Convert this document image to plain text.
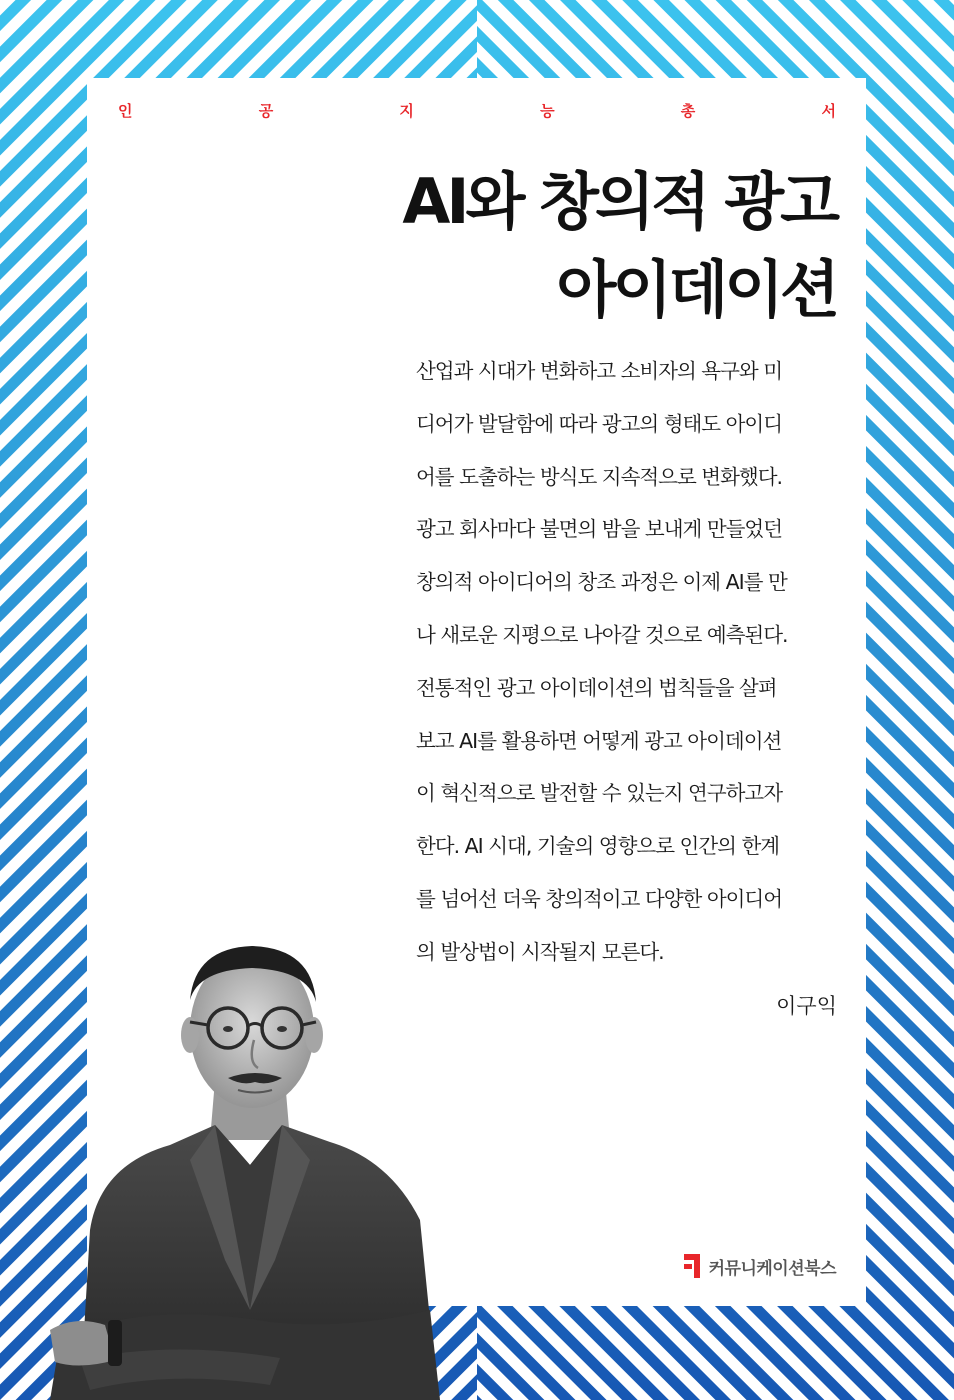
인	공	지	능	총	서
AI와 창의적 광고
아이데이션
산업과 시대가 변화하고 소비자의 욕구와 미
디어가 발달함에 따라 광고의 형태도 아이디
어를 도출하는 방식도 지속적으로 변화했다.
광고 회사마다 불면의 밤을 보내게 만들었던
창의적 아이디어의 창조 과정은 이제 AI를 만
나 새로운 지평으로 나아갈 것으로 예측된다.
전통적인 광고 아이데이션의 법칙들을 살펴
보고 AI를 활용하면 어떻게 광고 아이데이션
이 혁신적으로 발전할 수 있는지 연구하고자
한다. AI 시대, 기술의 영향으로 인간의 한계
를 넘어선 더욱 창의적이고 다양한 아이디어
의 발상법이 시작될지 모른다.
이구익
커뮤니케이션북스
